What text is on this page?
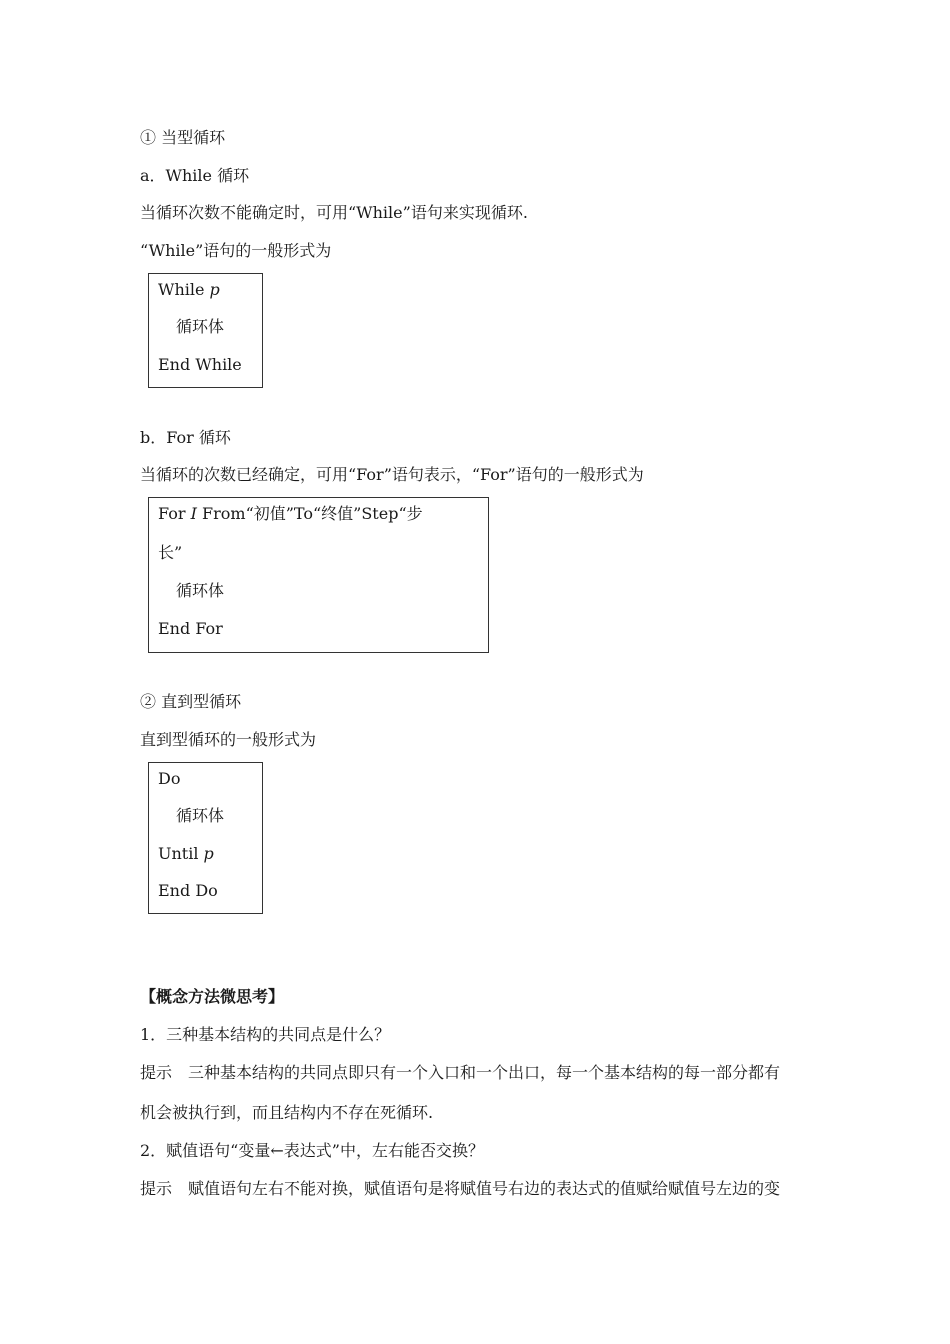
① 当型循环
a．While 循环
当循环次数不能确定时，可用“While”语句来实现循环.
“While”语句的一般形式为
While p
循环体
End While
b．For 循环
当循环的次数已经确定，可用“For”语句表示，“For”语句的一般形式为
For I From“初值”To“终值”Step“步
长”
循环体
End For
② 直到型循环
直到型循环的一般形式为
Do
循环体
Until p
End Do
【概念方法微思考】
1．三种基本结构的共同点是什么？
提示　三种基本结构的共同点即只有一个入口和一个出口，每一个基本结构的每一部分都有
机会被执行到，而且结构内不存在死循环.
2．赋值语句“变量←表达式”中，左右能否交换？
提示　赋值语句左右不能对换，赋值语句是将赋值号右边的表达式的值赋给赋值号左边的变
